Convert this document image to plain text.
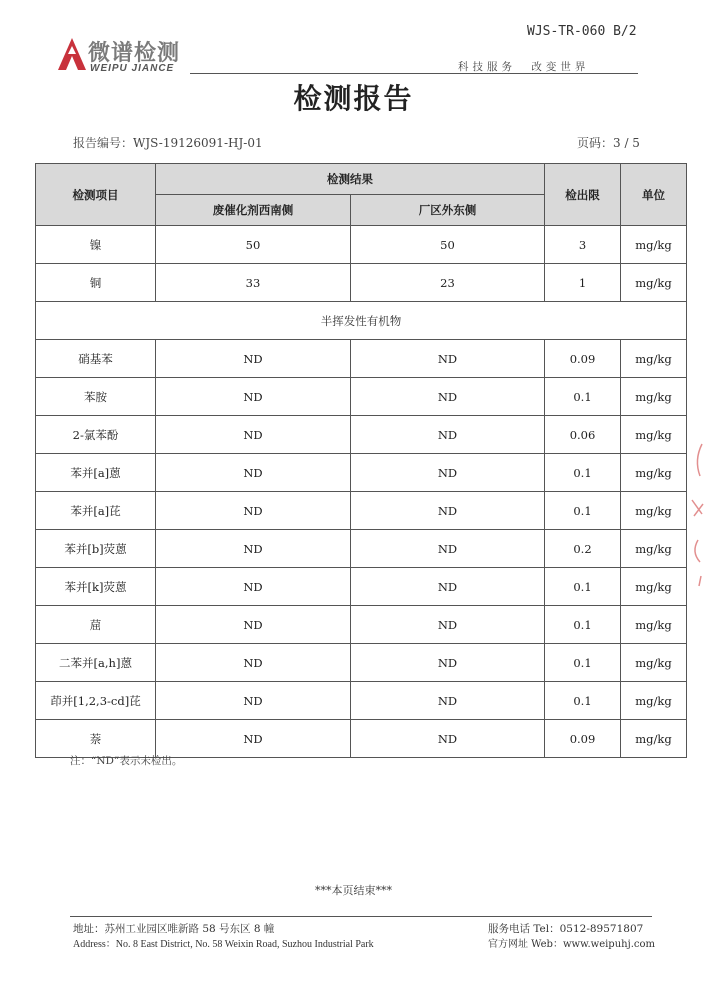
WJS-TR-060 B/2
微谱检测
WEIPU JIANCE	科技服务 改变世界
检测报告
报告编号：WJS-19126091-HJ-01	页码：3 / 5
检测项目	检测结果		检出限	单位
	废催化剂西南侧	厂区外东侧		
镍	50	50	3	mg/kg
铜	33	23	1	mg/kg
半挥发性有机物				
硝基苯	ND	ND	0.09	mg/kg
苯胺	ND	ND	0.1	mg/kg
2-氯苯酚	ND	ND	0.06	mg/kg
苯并[a]蒽	ND	ND	0.1	mg/kg
苯并[a]芘	ND	ND	0.1	mg/kg
苯并[b]荧蒽	ND	ND	0.2	mg/kg
苯并[k]荧蒽	ND	ND	0.1	mg/kg
䓛	ND	ND	0.1	mg/kg
二苯并[a,h]蒽	ND	ND	0.1	mg/kg
茚并[1,2,3-cd]芘	ND	ND	0.1	mg/kg
萘	ND	ND	0.09	mg/kg
注：“ND”表示未检出。
***本页结束***
地址：苏州工业园区唯新路 58 号东区 8 幢
Address：No. 8 East District, No. 58 Weixin Road, Suzhou Industrial Park
服务电话 Tel：0512-89571807
官方网址 Web：www.weipuhj.com
